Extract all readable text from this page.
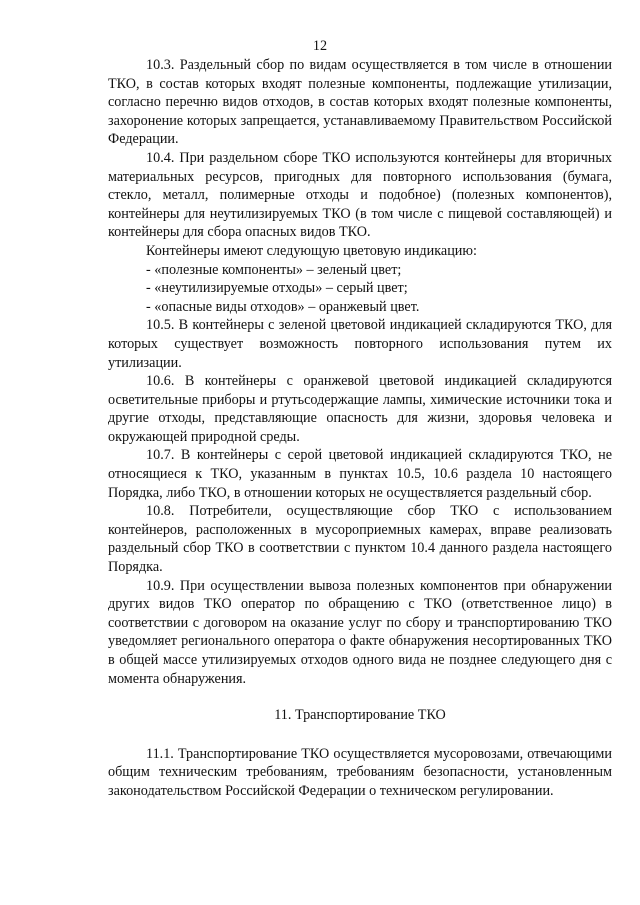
12

10.3. Раздельный сбор по видам осуществляется в том числе в отношении ТКО, в состав которых входят полезные компоненты, подлежащие утилизации, согласно перечню видов отходов, в состав которых входят полезные компоненты, захоронение которых запрещается, устанавливаемому Правительством Российской Федерации.

10.4. При раздельном сборе ТКО используются контейнеры для вторичных материальных ресурсов, пригодных для повторного использования (бумага, стекло, металл, полимерные отходы и подобное) (полезных компонентов), контейнеры для неутилизируемых ТКО (в том числе с пищевой составляющей) и контейнеры для сбора опасных видов ТКО.

Контейнеры имеют следующую цветовую индикацию:

- «полезные компоненты» – зеленый цвет;

- «неутилизируемые отходы» – серый цвет;

- «опасные виды отходов» – оранжевый цвет.

10.5. В контейнеры с зеленой цветовой индикацией складируются ТКО, для которых существует возможность повторного использования путем их утилизации.

10.6. В контейнеры с оранжевой цветовой индикацией складируются осветительные приборы и ртутьсодержащие лампы, химические источники тока и другие отходы, представляющие опасность для жизни, здоровья человека и окружающей природной среды.

10.7. В контейнеры с серой цветовой индикацией складируются ТКО, не относящиеся к ТКО, указанным в пунктах 10.5, 10.6 раздела 10 настоящего Порядка, либо ТКО, в отношении которых не осуществляется раздельный сбор.

10.8. Потребители, осуществляющие сбор ТКО с использованием контейнеров, расположенных в мусороприемных камерах, вправе реализовать раздельный сбор ТКО в соответствии с пунктом 10.4 данного раздела настоящего Порядка.

10.9. При осуществлении вывоза полезных компонентов при обнаружении других видов ТКО оператор по обращению с ТКО (ответственное лицо) в соответствии с договором на оказание услуг по сбору и транспортированию ТКО уведомляет регионального оператора о факте обнаружения несортированных ТКО в общей массе утилизируемых отходов одного вида не позднее следующего дня с момента обнаружения.

11. Транспортирование ТКО

11.1. Транспортирование ТКО осуществляется мусоровозами, отвечающими общим техническим требованиям, требованиям безопасности, установленным законодательством Российской Федерации о техническом регулировании.
